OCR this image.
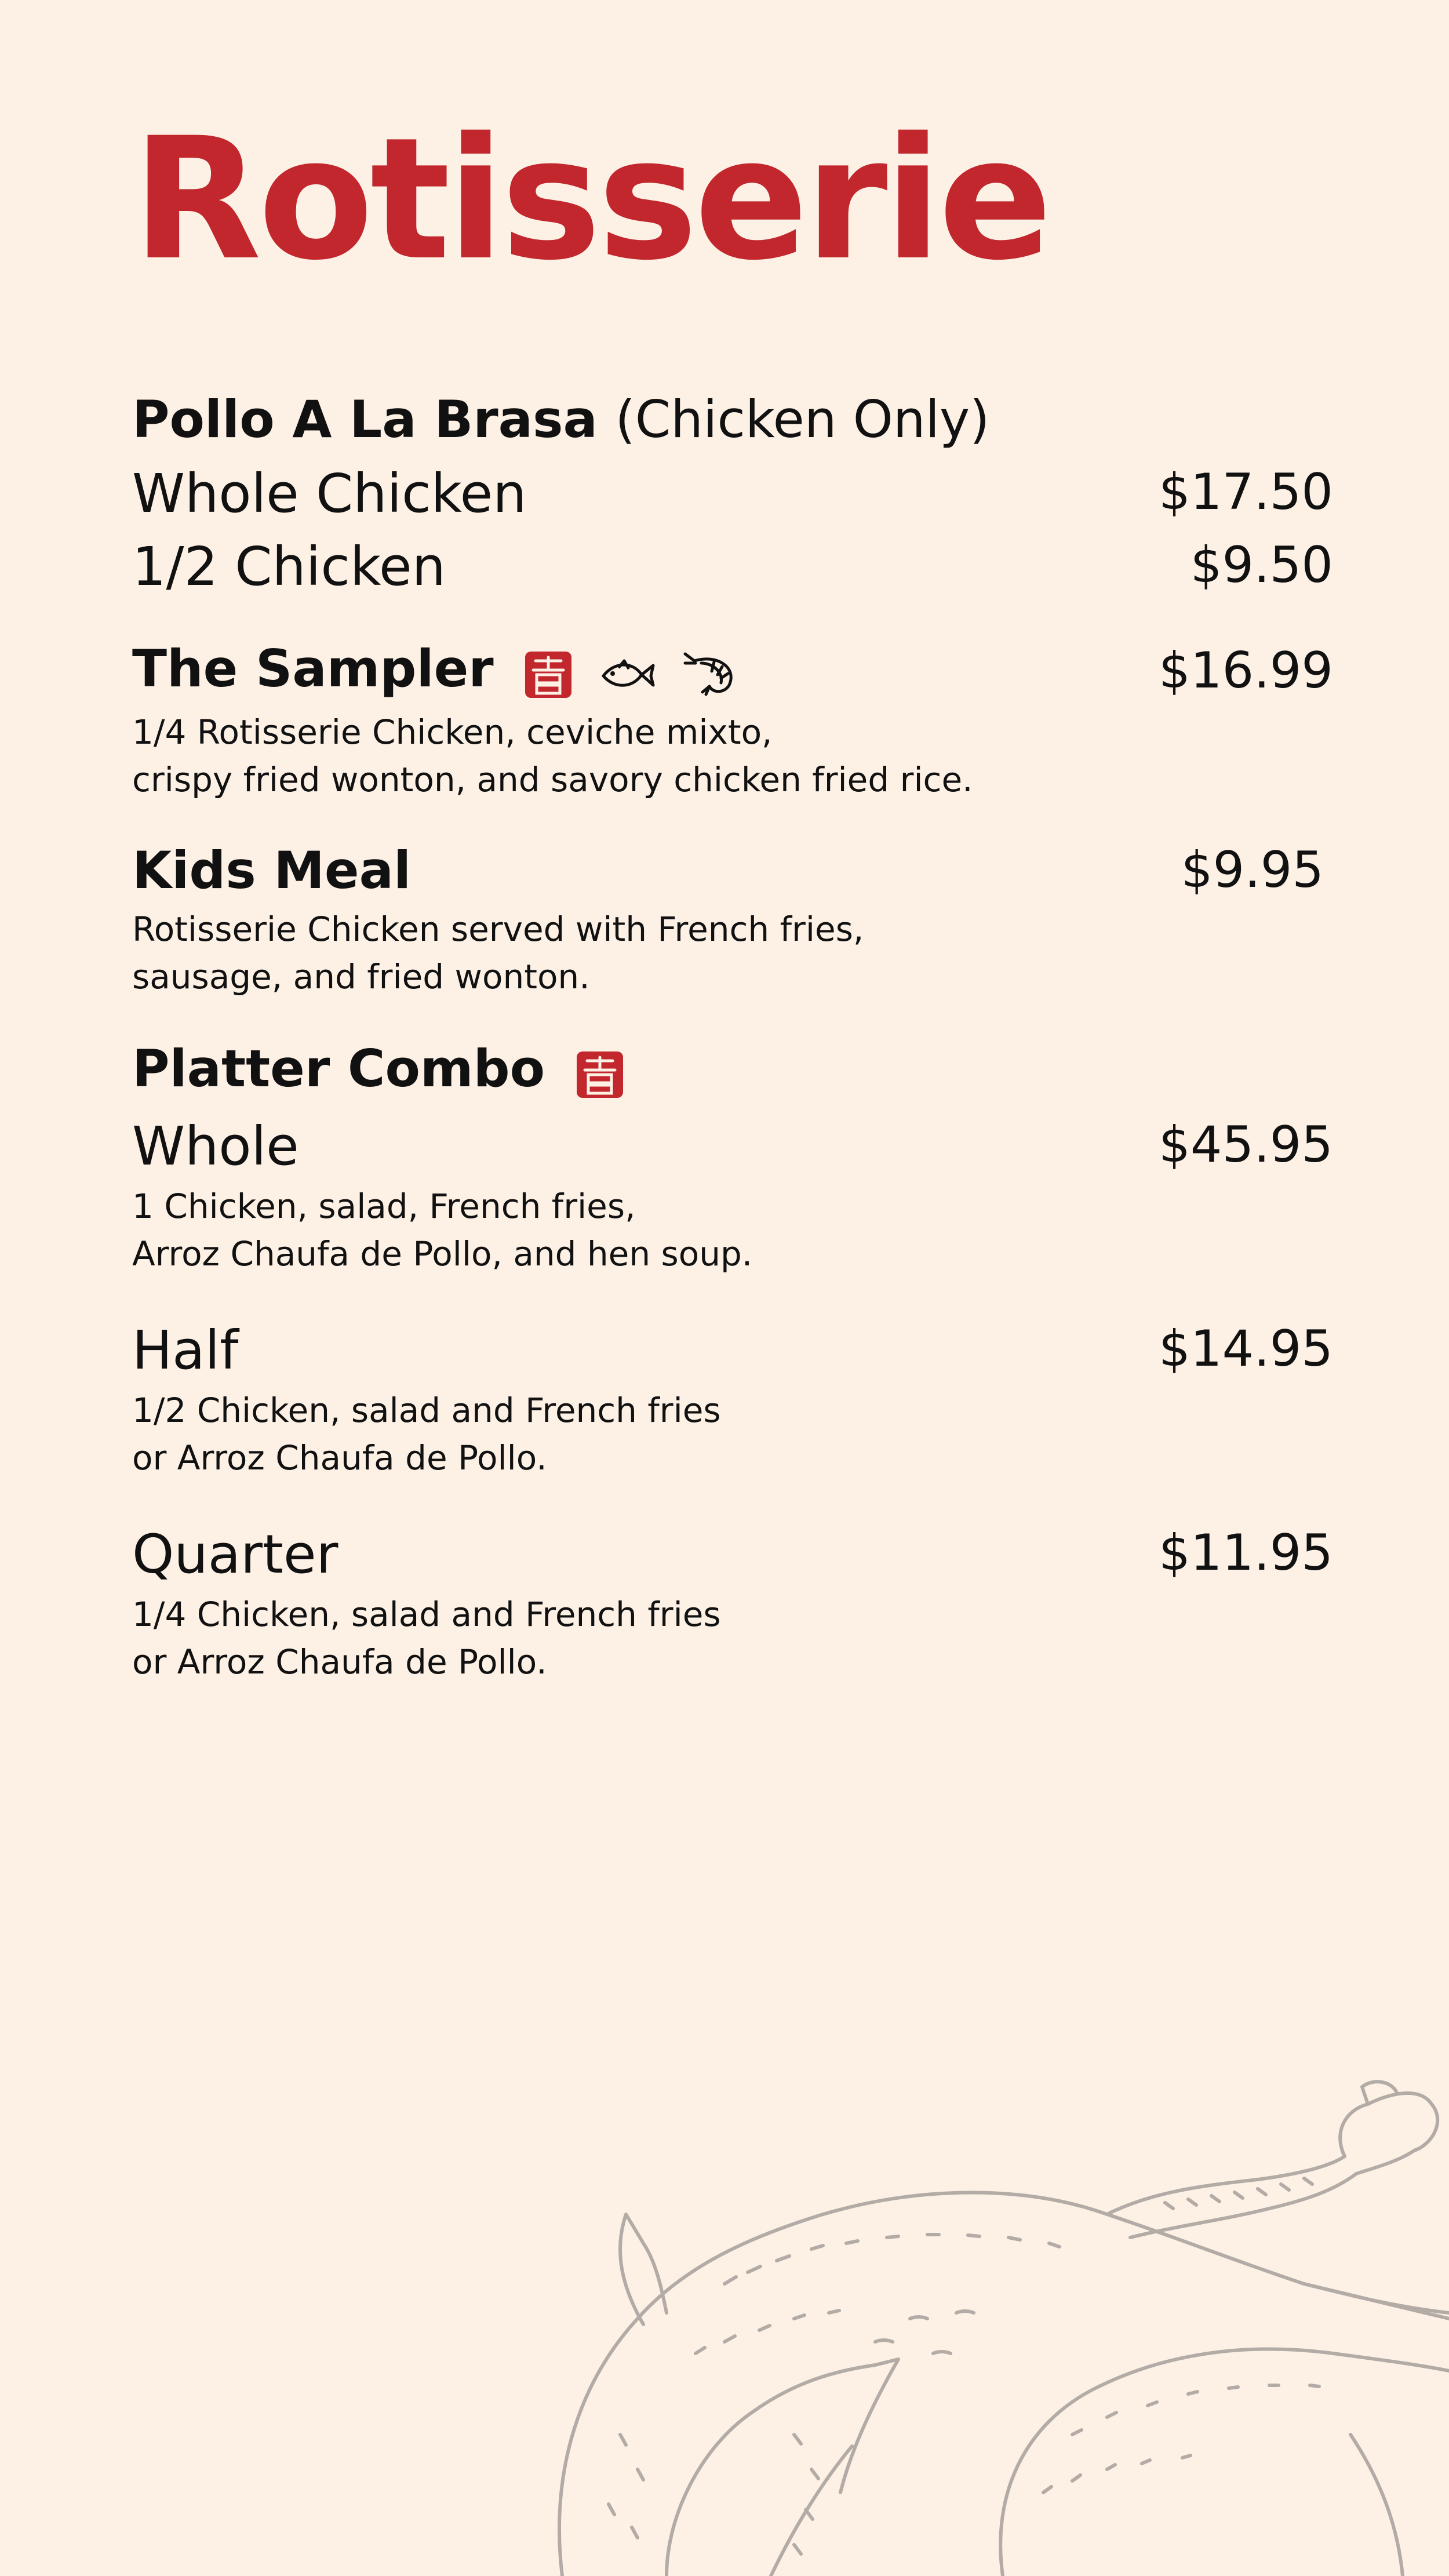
Rotisserie
Pollo A La Brasa (Chicken Only)
Whole Chicken	$17.50
1/2 Chicken	$9.50
The Sampler	$16.99
1/4 Rotisserie Chicken, ceviche mixto,
crispy fried wonton, and savory chicken fried rice.
Kids Meal	$9.95
Rotisserie Chicken served with French fries,
sausage, and fried wonton.
Platter Combo
Whole	$45.95
1 Chicken, salad, French fries,
Arroz Chaufa de Pollo, and hen soup.
Half	$14.95
1/2 Chicken, salad and French fries
or Arroz Chaufa de Pollo.
Quarter	$11.95
1/4 Chicken, salad and French fries
or Arroz Chaufa de Pollo.
